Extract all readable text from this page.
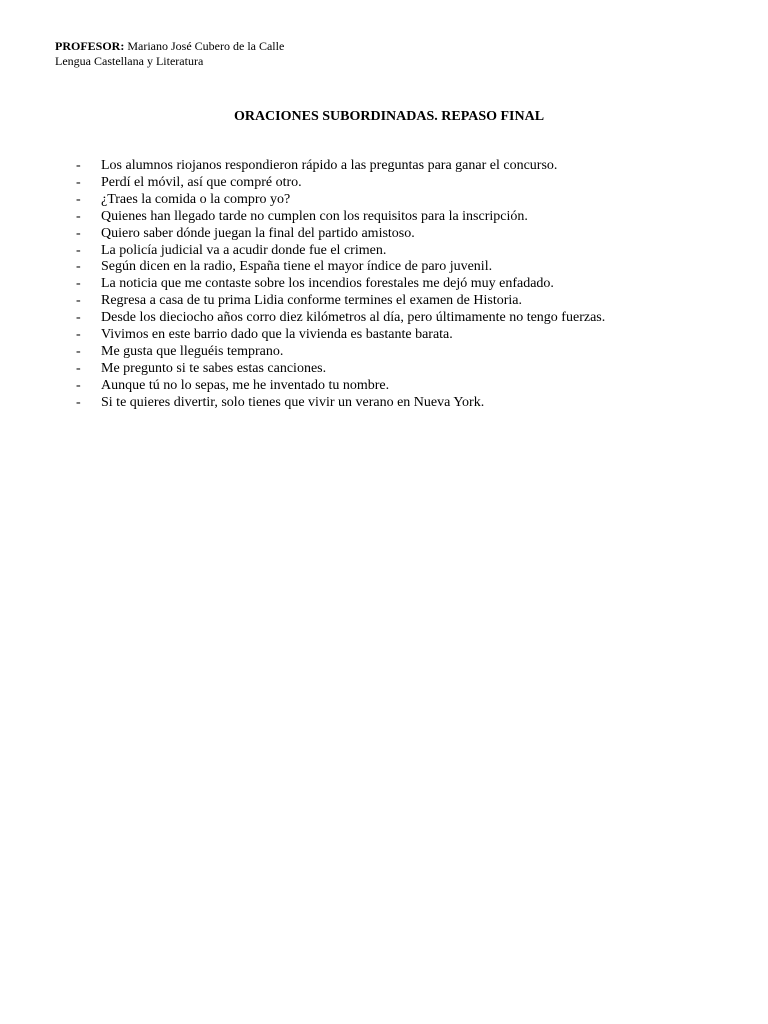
PROFESOR: Mariano José Cubero de la Calle
Lengua Castellana y Literatura
ORACIONES SUBORDINADAS. REPASO FINAL
- Los alumnos riojanos respondieron rápido a las preguntas para ganar el concurso.
- Perdí el móvil, así que compré otro.
- ¿Traes la comida o la compro yo?
- Quienes han llegado tarde no cumplen con los requisitos para la inscripción.
- Quiero saber dónde juegan la final del partido amistoso.
- La policía judicial va a acudir donde fue el crimen.
- Según dicen en la radio, España tiene el mayor índice de paro juvenil.
- La noticia que me contaste sobre los incendios forestales me dejó muy enfadado.
- Regresa a casa de tu prima Lidia conforme termines el examen de Historia.
- Desde los dieciocho años corro diez kilómetros al día, pero últimamente no tengo fuerzas.
- Vivimos en este barrio dado que la vivienda es bastante barata.
- Me gusta que lleguéis temprano.
- Me pregunto si te sabes estas canciones.
- Aunque tú no lo sepas, me he inventado tu nombre.
- Si te quieres divertir, solo tienes que vivir un verano en Nueva York.
